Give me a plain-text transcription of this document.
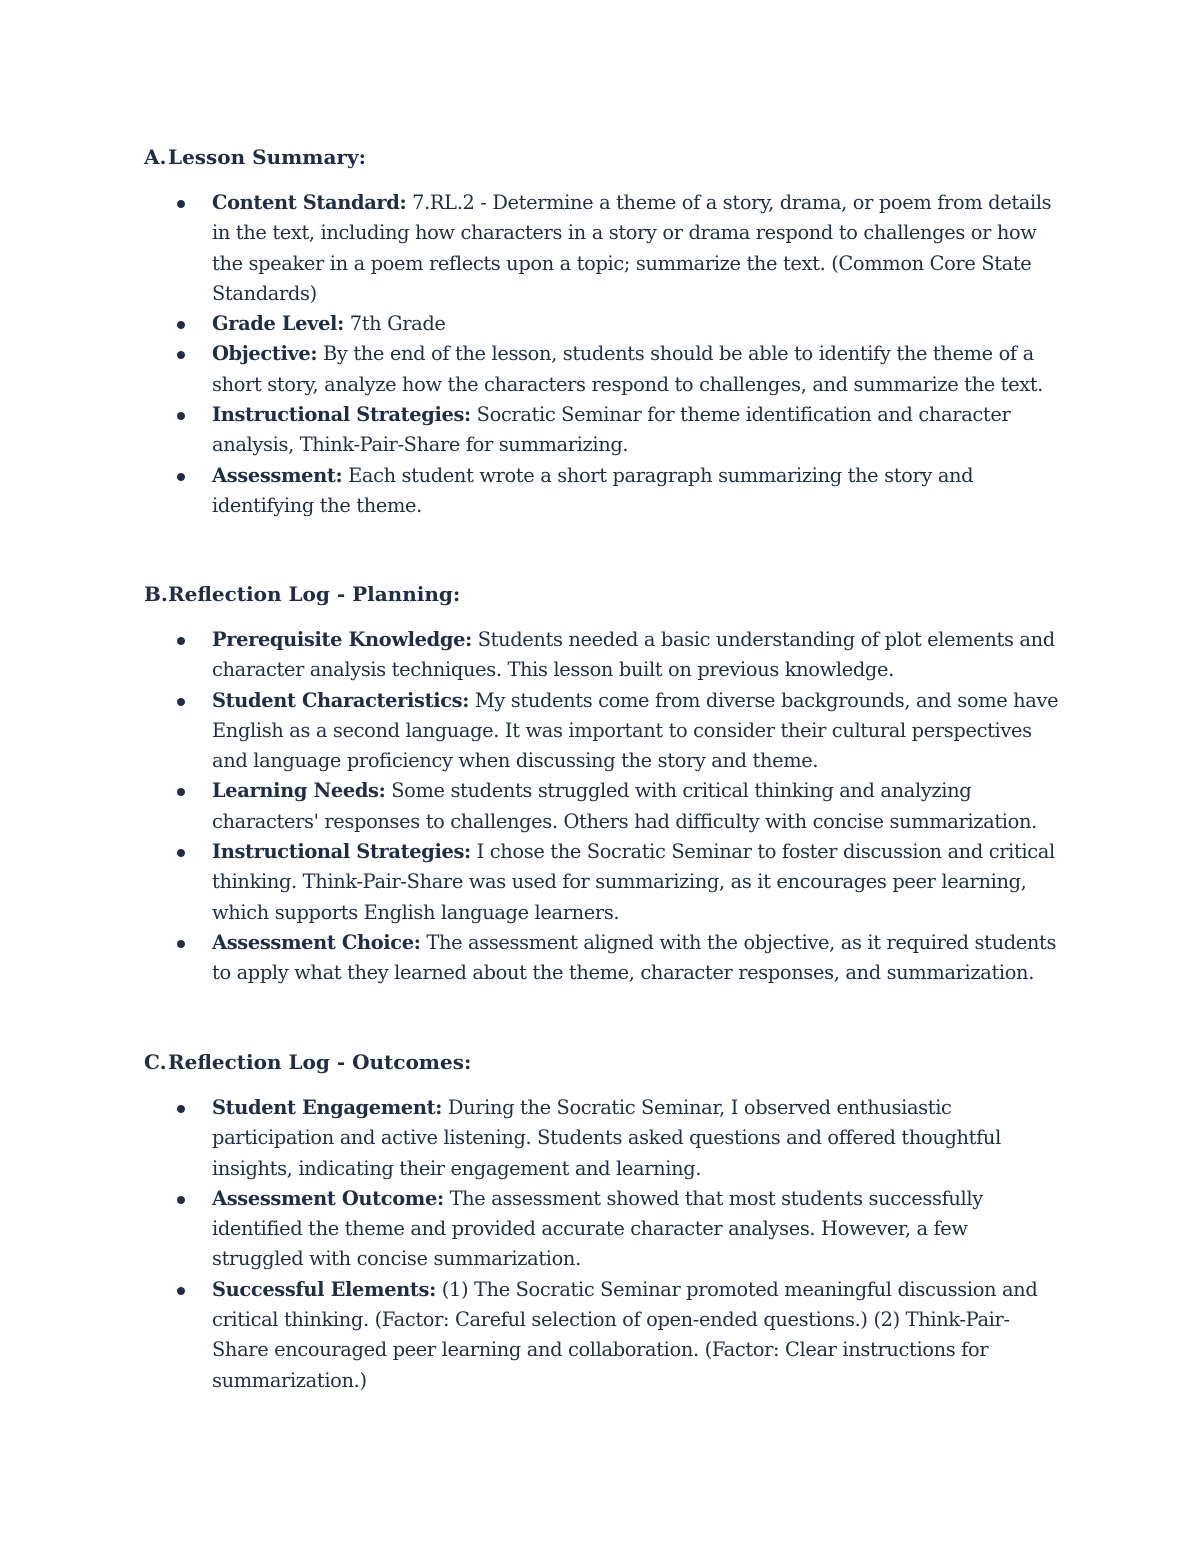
A.Lesson Summary:

Content Standard: 7.RL.2 - Determine a theme of a story, drama, or poem from details in the text, including how characters in a story or drama respond to challenges or how the speaker in a poem reflects upon a topic; summarize the text. (Common Core State Standards)
Grade Level: 7th Grade
Objective: By the end of the lesson, students should be able to identify the theme of a short story, analyze how the characters respond to challenges, and summarize the text.
Instructional Strategies: Socratic Seminar for theme identification and character analysis, Think-Pair-Share for summarizing.
Assessment: Each student wrote a short paragraph summarizing the story and identifying the theme.

B.Reflection Log - Planning:

Prerequisite Knowledge: Students needed a basic understanding of plot elements and character analysis techniques. This lesson built on previous knowledge.
Student Characteristics: My students come from diverse backgrounds, and some have English as a second language. It was important to consider their cultural perspectives and language proficiency when discussing the story and theme.
Learning Needs: Some students struggled with critical thinking and analyzing characters' responses to challenges. Others had difficulty with concise summarization.
Instructional Strategies: I chose the Socratic Seminar to foster discussion and critical thinking. Think-Pair-Share was used for summarizing, as it encourages peer learning, which supports English language learners.
Assessment Choice: The assessment aligned with the objective, as it required students to apply what they learned about the theme, character responses, and summarization.

C.Reflection Log - Outcomes:

Student Engagement: During the Socratic Seminar, I observed enthusiastic participation and active listening. Students asked questions and offered thoughtful insights, indicating their engagement and learning.
Assessment Outcome: The assessment showed that most students successfully identified the theme and provided accurate character analyses. However, a few struggled with concise summarization.
Successful Elements: (1) The Socratic Seminar promoted meaningful discussion and critical thinking. (Factor: Careful selection of open-ended questions.) (2) Think-Pair-Share encouraged peer learning and collaboration. (Factor: Clear instructions for summarization.)
